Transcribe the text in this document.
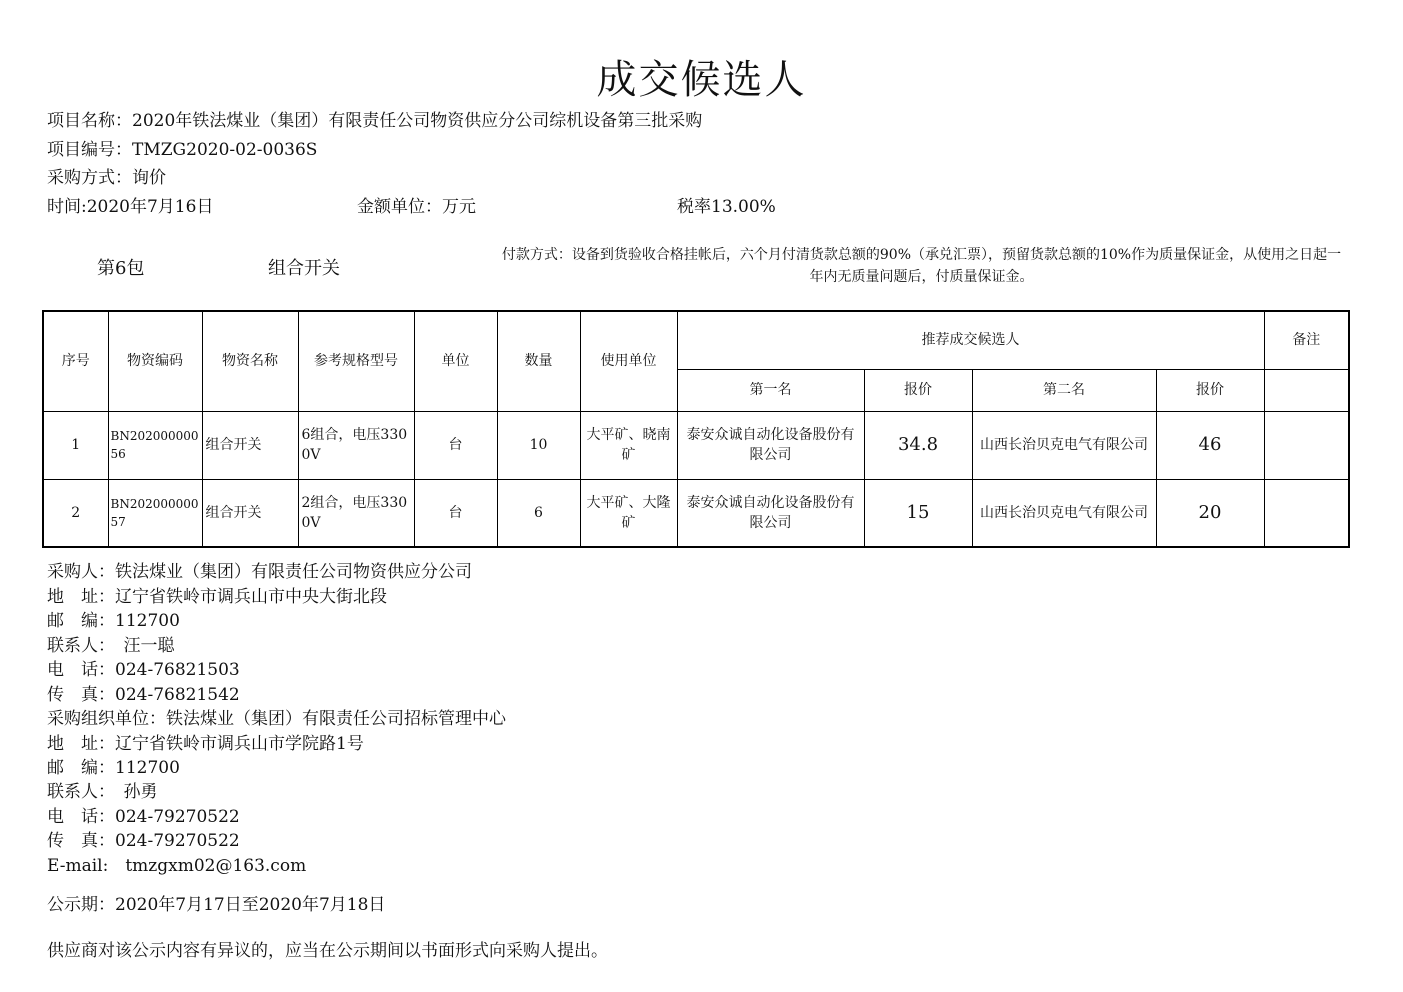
成交候选人
项目名称：2020年铁法煤业（集团）有限责任公司物资供应分公司综机设备第三批采购
项目编号：TMZG2020-02-0036S
采购方式：询价
时间:2020年7月16日	金额单位：万元	税率13.00%
第6包	组合开关
付款方式：设备到货验收合格挂帐后，六个月付清货款总额的90%（承兑汇票），预留货款总额的10%作为质量保证金，从使用之日起一年内无质量问题后，付质量保证金。
序号	物资编码	物资名称	参考规格型号	单位	数量	使用单位	推荐成交候选人				备注
							第一名	报价	第二名	报价	
1	BN20200000056	组合开关	6组合，电压3300V	台	10	大平矿、晓南矿	泰安众诚自动化设备股份有限公司	34.8	山西长治贝克电气有限公司	46	
2	BN20200000057	组合开关	2组合，电压3300V	台	6	大平矿、大隆矿	泰安众诚自动化设备股份有限公司	15	山西长治贝克电气有限公司	20	
采购人：铁法煤业（集团）有限责任公司物资供应分公司
地　址：辽宁省铁岭市调兵山市中央大街北段
邮　编：112700
联系人：　汪一聪
电　话：024-76821503
传　真：024-76821542
采购组织单位：铁法煤业（集团）有限责任公司招标管理中心
地　址：辽宁省铁岭市调兵山市学院路1号
邮　编：112700
联系人：　孙勇
电　话：024-79270522
传　真：024-79270522
E-mail:　tmzgxm02@163.com
公示期：2020年7月17日至2020年7月18日
供应商对该公示内容有异议的，应当在公示期间以书面形式向采购人提出。
